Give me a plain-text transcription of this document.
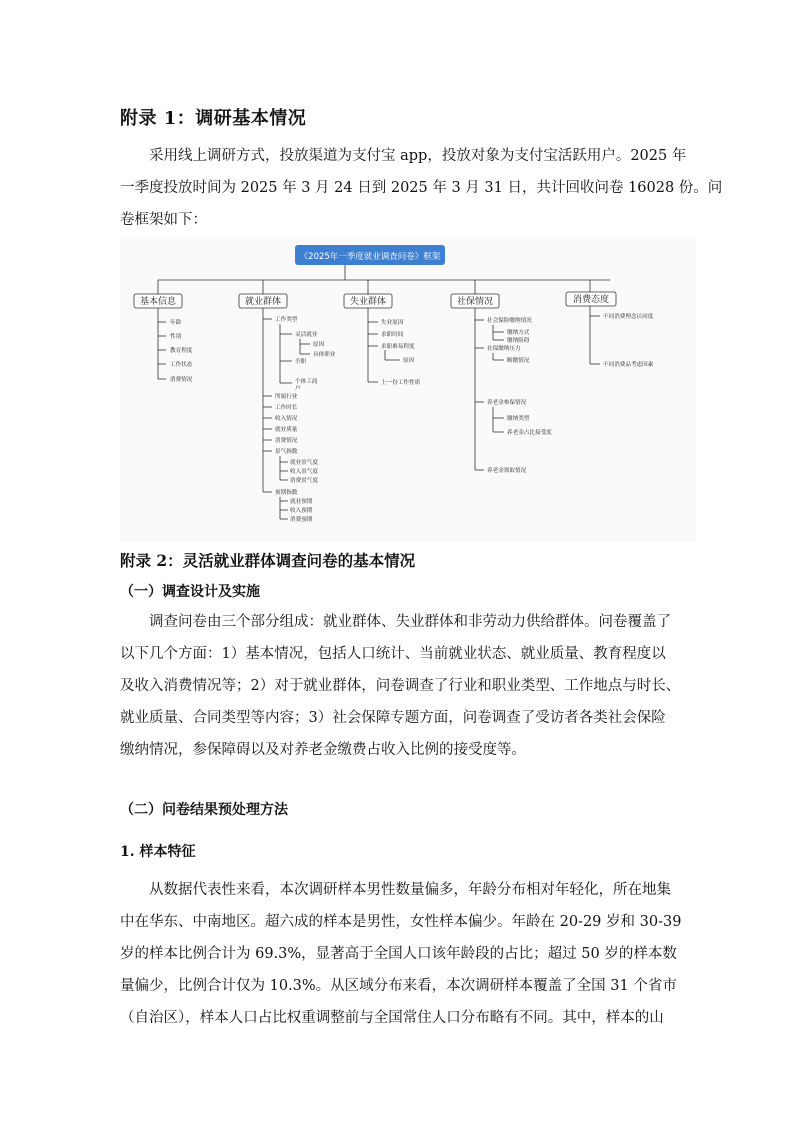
附录 1：调研基本情况
采用线上调研方式，投放渠道为支付宝 app，投放对象为支付宝活跃用户。2025 年
一季度投放时间为 2025 年 3 月 24 日到 2025 年 3 月 31 日，共计回收问卷 16028 份。问
卷框架如下：
《2025年一季度就业调查问卷》框架
基本信息	就业群体	失业群体	社保情况	消费态度
年龄
性别
教育程度
工作状态
消费情况
工作类型
灵活就业
原因
具体职业
全职
个体工商
户
所属行业
工作时长
收入情况
就业质量
消费情况
景气指数
就业景气度
收入景气度
消费景气度
预期指数
就业预期
收入预期
消费预期
失业原因
求职时间
求职难易程度
原因
上一份工作性质
社会保险缴纳情况
缴纳方式
缴纳阻碍
社保缴纳压力
断缴情况
养老金参保情况
缴纳类型
养老金占比接受度
养老金领取情况
不同消费理念认同度
不同消费品考虑因素
附录 2：灵活就业群体调查问卷的基本情况
（一）调查设计及实施
调查问卷由三个部分组成：就业群体、失业群体和非劳动力供给群体。问卷覆盖了
以下几个方面：1）基本情况，包括人口统计、当前就业状态、就业质量、教育程度以
及收入消费情况等；2）对于就业群体，问卷调查了行业和职业类型、工作地点与时长、
就业质量、合同类型等内容；3）社会保障专题方面，问卷调查了受访者各类社会保险
缴纳情况，参保障碍以及对养老金缴费占收入比例的接受度等。
（二）问卷结果预处理方法
1. 样本特征
从数据代表性来看，本次调研样本男性数量偏多，年龄分布相对年轻化，所在地集
中在华东、中南地区。超六成的样本是男性，女性样本偏少。年龄在 20-29 岁和 30-39
岁的样本比例合计为 69.3%，显著高于全国人口该年龄段的占比；超过 50 岁的样本数
量偏少，比例合计仅为 10.3%。从区域分布来看，本次调研样本覆盖了全国 31 个省市
（自治区），样本人口占比权重调整前与全国常住人口分布略有不同。其中，样本的山
